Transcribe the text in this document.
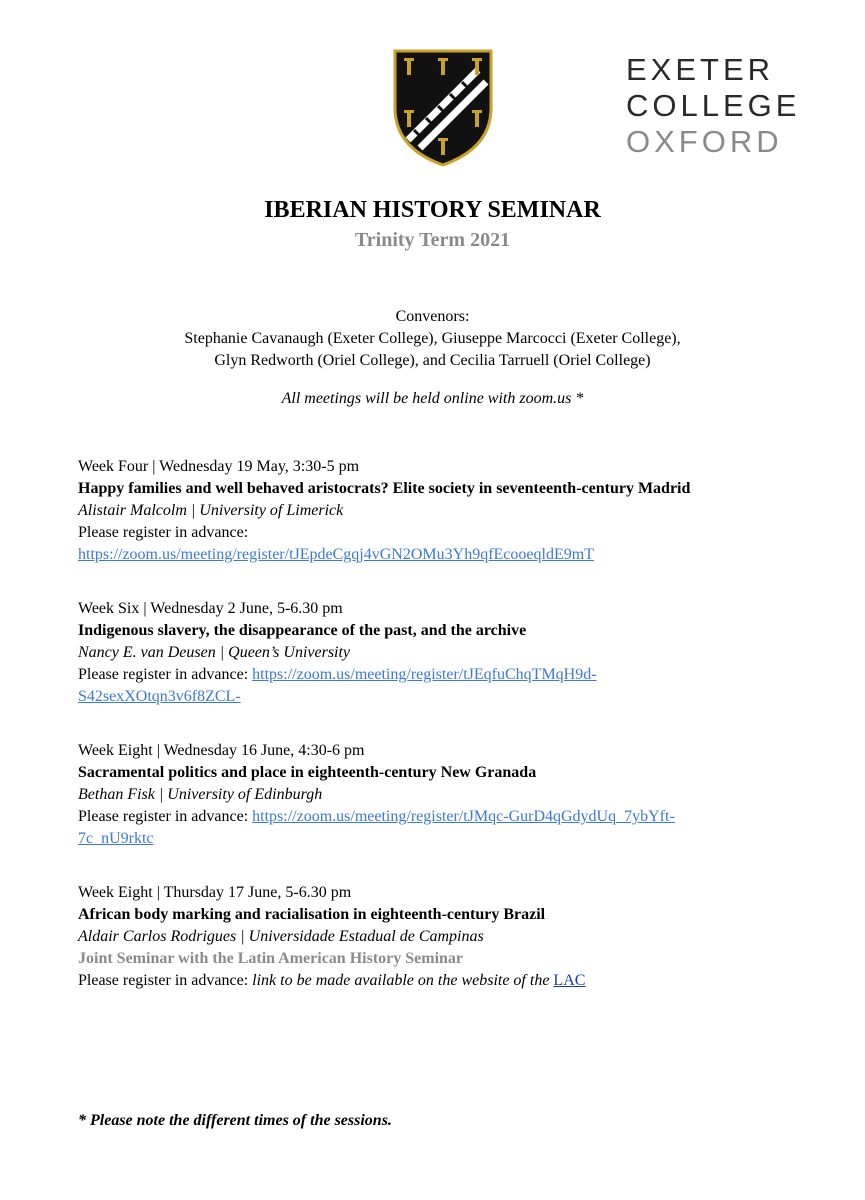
EXETER
COLLEGE
OXFORD
IBERIAN HISTORY SEMINAR
Trinity Term 2021
Convenors:
Stephanie Cavanaugh (Exeter College), Giuseppe Marcocci (Exeter College),
Glyn Redworth (Oriel College), and Cecilia Tarruell (Oriel College)
All meetings will be held online with zoom.us *
Week Four | Wednesday 19 May, 3:30-5 pm
Happy families and well behaved aristocrats? Elite society in seventeenth-century Madrid
Alistair Malcolm | University of Limerick
Please register in advance:
https://zoom.us/meeting/register/tJEpdeCgqj4vGN2OMu3Yh9qfEcooeqldE9mT
Week Six | Wednesday 2 June, 5-6.30 pm
Indigenous slavery, the disappearance of the past, and the archive
Nancy E. van Deusen | Queen’s University
Please register in advance: https://zoom.us/meeting/register/tJEqfuChqTMqH9d-
S42sexXOtqn3v6f8ZCL-
Week Eight | Wednesday 16 June, 4:30-6 pm
Sacramental politics and place in eighteenth-century New Granada
Bethan Fisk | University of Edinburgh
Please register in advance: https://zoom.us/meeting/register/tJMqc-GurD4qGdydUq_7ybYft-
7c_nU9rktc
Week Eight | Thursday 17 June, 5-6.30 pm
African body marking and racialisation in eighteenth-century Brazil
Aldair Carlos Rodrigues | Universidade Estadual de Campinas
Joint Seminar with the Latin American History Seminar
Please register in advance: link to be made available on the website of the LAC
* Please note the different times of the sessions.
